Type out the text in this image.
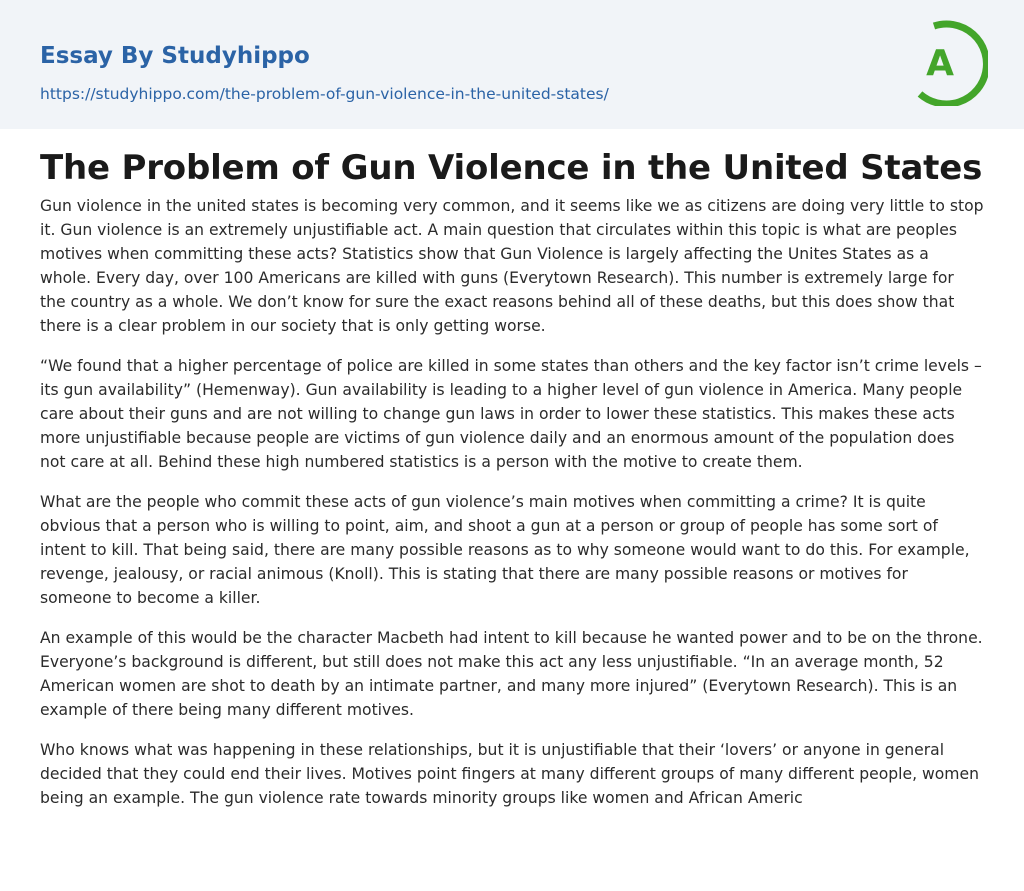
Essay By Studyhippo
https://studyhippo.com/the-problem-of-gun-violence-in-the-united-states/
A
The Problem of Gun Violence in the United States

Gun violence in the united states is becoming very common, and it seems like we as citizens are doing very little to stop it. Gun violence is an extremely unjustifiable act. A main question that circulates within this topic is what are peoples motives when committing these acts? Statistics show that Gun Violence is largely affecting the Unites States as a whole. Every day, over 100 Americans are killed with guns (Everytown Research). This number is extremely large for the country as a whole. We don’t know for sure the exact reasons behind all of these deaths, but this does show that there is a clear problem in our society that is only getting worse.

“We found that a higher percentage of police are killed in some states than others and the key factor isn’t crime levels – its gun availability” (Hemenway). Gun availability is leading to a higher level of gun violence in America. Many people care about their guns and are not willing to change gun laws in order to lower these statistics. This makes these acts more unjustifiable because people are victims of gun violence daily and an enormous amount of the population does not care at all. Behind these high numbered statistics is a person with the motive to create them.

What are the people who commit these acts of gun violence’s main motives when committing a crime? It is quite obvious that a person who is willing to point, aim, and shoot a gun at a person or group of people has some sort of intent to kill. That being said, there are many possible reasons as to why someone would want to do this. For example, revenge, jealousy, or racial animous (Knoll). This is stating that there are many possible reasons or motives for someone to become a killer.

An example of this would be the character Macbeth had intent to kill because he wanted power and to be on the throne. Everyone’s background is different, but still does not make this act any less unjustifiable. “In an average month, 52 American women are shot to death by an intimate partner, and many more injured” (Everytown Research). This is an example of there being many different motives.

Who knows what was happening in these relationships, but it is unjustifiable that their ‘lovers’ or anyone in general decided that they could end their lives. Motives point fingers at many different groups of many different people, women being an example. The gun violence rate towards minority groups like women and African Americ
